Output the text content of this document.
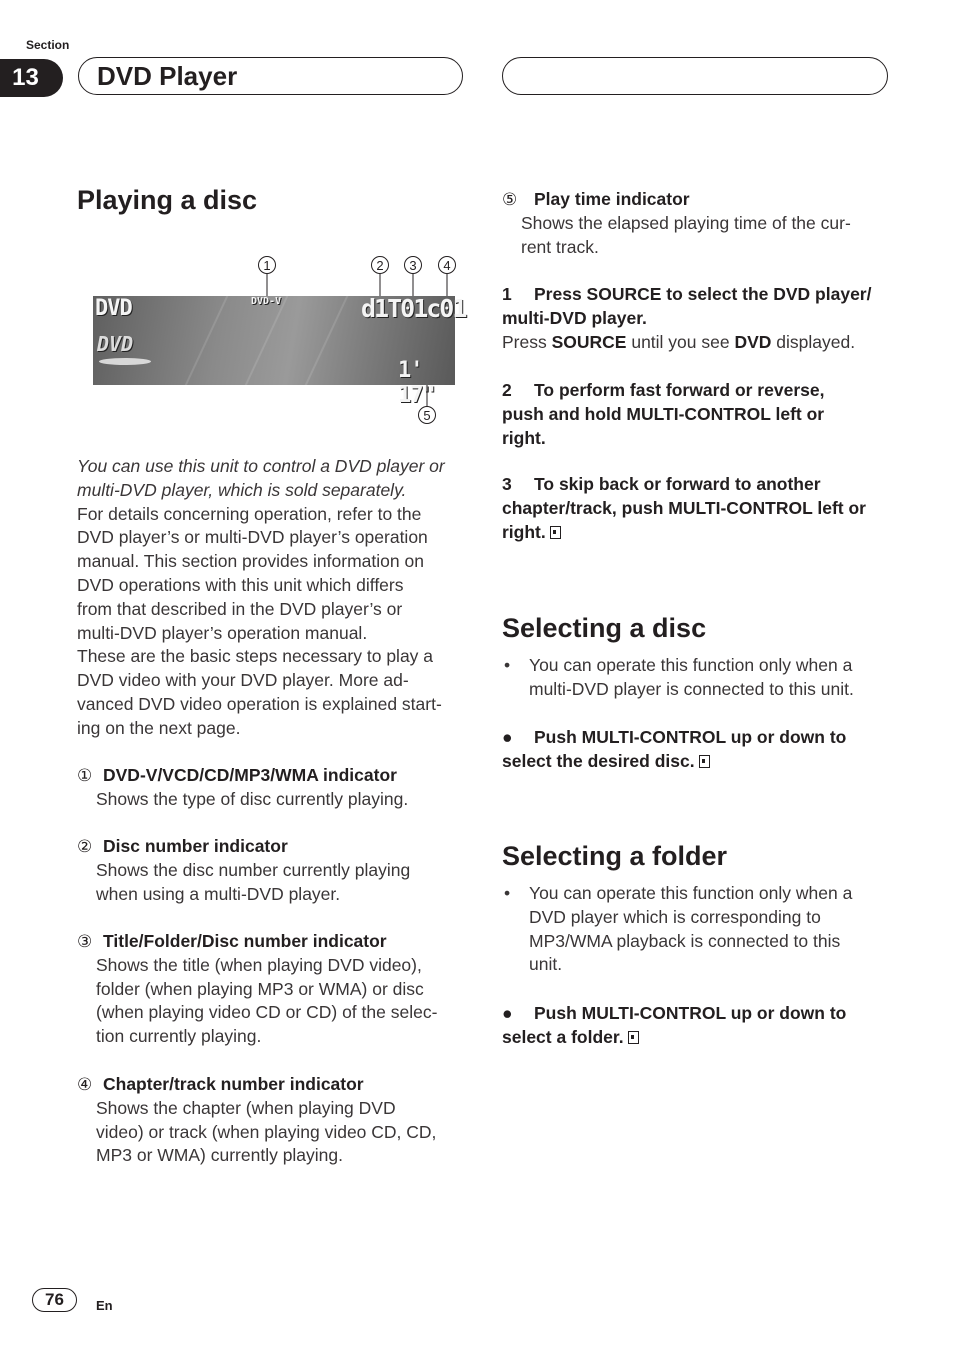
Section
13	DVD Player
Playing a disc
1	2	3	4
DVD
DVD
DVD-V	d1T01c01
1' 17"
5
You can use this unit to control a DVD player or
multi-DVD player, which is sold separately.
For details concerning operation, refer to the
DVD player’s or multi-DVD player’s operation
manual. This section provides information on
DVD operations with this unit which differs
from that described in the DVD player’s or
multi-DVD player’s operation manual.
These are the basic steps necessary to play a
DVD video with your DVD player. More ad-
vanced DVD video operation is explained start-
ing on the next page.
① DVD-V/VCD/CD/MP3/WMA indicator
Shows the type of disc currently playing.
② Disc number indicator
Shows the disc number currently playing
when using a multi-DVD player.
③ Title/Folder/Disc number indicator
Shows the title (when playing DVD video),
folder (when playing MP3 or WMA) or disc
(when playing video CD or CD) of the selec-
tion currently playing.
④ Chapter/track number indicator
Shows the chapter (when playing DVD
video) or track (when playing video CD, CD,
MP3 or WMA) currently playing.
⑤ Play time indicator
Shows the elapsed playing time of the cur-
rent track.
1 Press SOURCE to select the DVD player/
multi-DVD player.
Press SOURCE until you see DVD displayed.
2 To perform fast forward or reverse,
push and hold MULTI-CONTROL left or
right.
3 To skip back or forward to another
chapter/track, push MULTI-CONTROL left or
right.
Selecting a disc
•	You can operate this function only when a
multi-DVD player is connected to this unit.
● Push MULTI-CONTROL up or down to
select the desired disc.
Selecting a folder
•	You can operate this function only when a
DVD player which is corresponding to
MP3/WMA playback is connected to this
unit.
● Push MULTI-CONTROL up or down to
select a folder.
76	En
